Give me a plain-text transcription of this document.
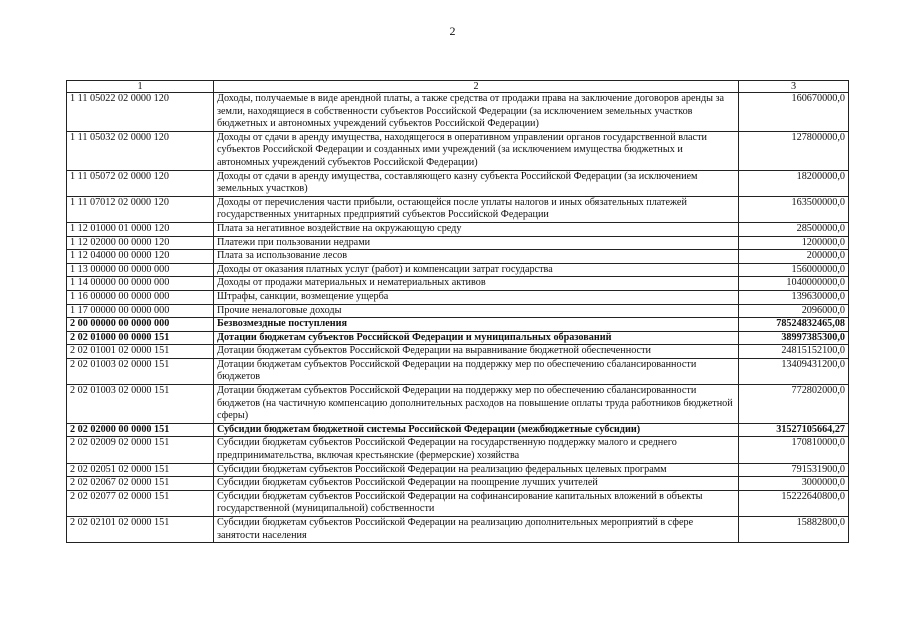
2
1	2	3
1 11 05022 02 0000 120	Доходы, получаемые в виде арендной платы, а также средства от продажи права на заключение договоров аренды за земли, находящиеся в собственности субъектов Российской Федерации (за исключением земельных участков бюджетных и автономных учреждений субъектов Российской Федерации)	160670000,0
1 11 05032 02 0000 120	Доходы от сдачи в аренду имущества, находящегося в оперативном управлении органов государственной власти субъектов Российской Федерации и созданных ими учреждений (за исключением имущества бюджетных и автономных учреждений субъектов Российской Федерации)	127800000,0
1 11 05072 02 0000 120	Доходы от сдачи в аренду имущества, составляющего казну субъекта Российской Федерации (за исключением земельных участков)	18200000,0
1 11 07012 02 0000 120	Доходы от перечисления части прибыли, остающейся после уплаты налогов и иных обязательных платежей государственных унитарных предприятий субъектов Российской Федерации	163500000,0
1 12 01000 01 0000 120	Плата за негативное воздействие на окружающую среду	28500000,0
1 12 02000 00 0000 120	Платежи при пользовании недрами	1200000,0
1 12 04000 00 0000 120	Плата за использование лесов	200000,0
1 13 00000 00 0000 000	Доходы от оказания платных услуг (работ) и компенсации затрат государства	156000000,0
1 14 00000 00 0000 000	Доходы от продажи материальных и нематериальных активов	1040000000,0
1 16 00000 00 0000 000	Штрафы, санкции, возмещение ущерба	139630000,0
1 17 00000 00 0000 000	Прочие неналоговые доходы	2096000,0
2 00 00000 00 0000 000	Безвозмездные поступления	78524832465,08
2 02 01000 00 0000 151	Дотации бюджетам субъектов Российской Федерации и муниципальных образований	38997385300,0
2 02 01001 02 0000 151	Дотации бюджетам субъектов Российской Федерации на выравнивание бюджетной обеспеченности	24815152100,0
2 02 01003 02 0000 151	Дотации бюджетам субъектов Российской Федерации на поддержку мер по обеспечению сбалансированности бюджетов	13409431200,0
2 02 01003 02 0000 151	Дотации бюджетам субъектов Российской Федерации на поддержку мер по обеспечению сбалансированности бюджетов (на частичную компенсацию дополнительных расходов на повышение оплаты труда работников бюджетной сферы)	772802000,0
2 02 02000 00 0000 151	Субсидии бюджетам бюджетной системы Российской Федерации (межбюджетные субсидии)	31527105664,27
2 02 02009 02 0000 151	Субсидии бюджетам субъектов Российской Федерации на государственную поддержку малого и среднего предпринимательства, включая крестьянские (фермерские) хозяйства	170810000,0
2 02 02051 02 0000 151	Субсидии бюджетам субъектов Российской Федерации на реализацию федеральных целевых программ	791531900,0
2 02 02067 02 0000 151	Субсидии бюджетам субъектов Российской Федерации на поощрение лучших учителей	3000000,0
2 02 02077 02 0000 151	Субсидии бюджетам субъектов Российской Федерации на софинансирование капитальных вложений в объекты государственной (муниципальной) собственности	15222640800,0
2 02 02101 02 0000 151	Субсидии бюджетам субъектов Российской Федерации на реализацию дополнительных мероприятий в сфере занятости населения	15882800,0
